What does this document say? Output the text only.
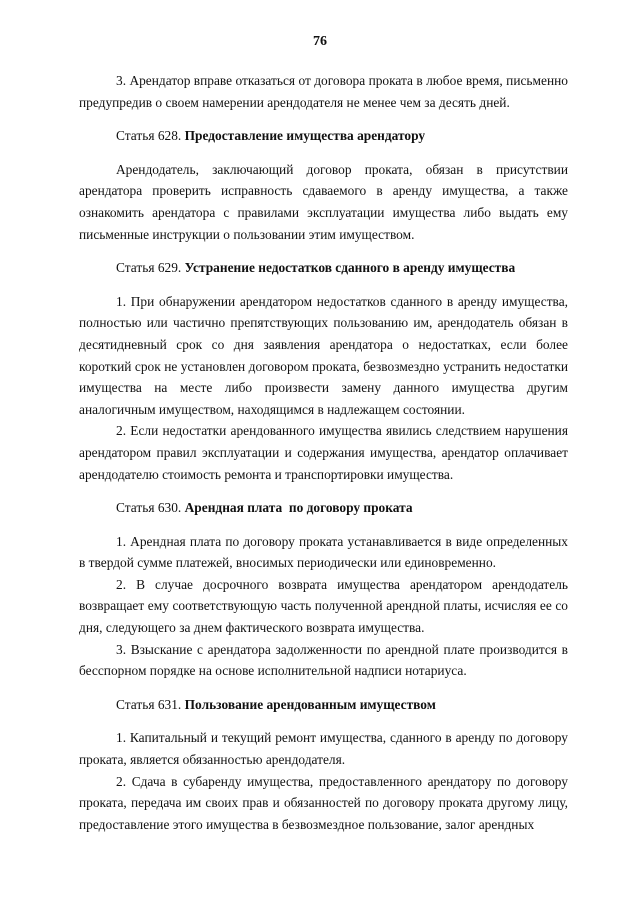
76

3. Арендатор вправе отказаться от договора проката в любое время, письменно предупредив о своем намерении арендодателя не менее чем за десять дней.

Статья 628. Предоставление имущества арендатору

Арендодатель, заключающий договор проката, обязан в присутствии арендатора проверить исправность сдаваемого в аренду имущества, а также ознакомить арендатора с правилами эксплуатации имущества либо выдать ему письменные инструкции о пользовании этим имуществом.

Статья 629. Устранение недостатков сданного в аренду имущества

1. При обнаружении арендатором недостатков сданного в аренду имущества, полностью или частично препятствующих пользованию им, арендодатель обязан в десятидневный срок со дня заявления арендатора о недостатках, если более короткий срок не установлен договором проката, безвозмездно устранить недостатки имущества на месте либо произвести замену данного имущества другим аналогичным имуществом, находящимся в надлежащем состоянии.

2. Если недостатки арендованного имущества явились следствием нарушения арендатором правил эксплуатации и содержания имущества, арендатор оплачивает арендодателю стоимость ремонта и транспортировки имущества.

Статья 630. Арендная плата  по договору проката

1. Арендная плата по договору проката устанавливается в виде определенных в твердой сумме платежей, вносимых периодически или единовременно.

2. В случае досрочного возврата имущества арендатором арендодатель возвращает ему соответствующую часть полученной арендной платы, исчисляя ее со дня, следующего за днем фактического возврата имущества.

3. Взыскание с арендатора задолженности по арендной плате производится в бесспорном порядке на основе исполнительной надписи нотариуса.

Статья 631. Пользование арендованным имуществом

1. Капитальный и текущий ремонт имущества, сданного в аренду по договору проката, является обязанностью арендодателя.

2. Сдача в субаренду имущества, предоставленного арендатору по договору проката, передача им своих прав и обязанностей по договору проката другому лицу, предоставление этого имущества в безвозмездное пользование, залог арендных
